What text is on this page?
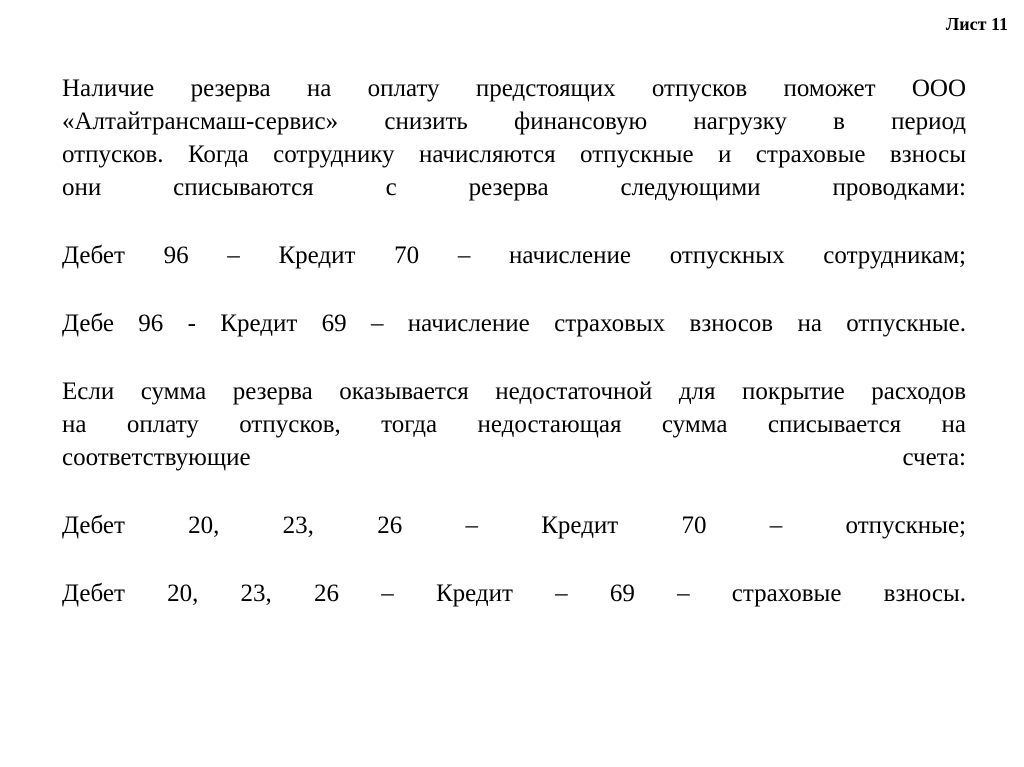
Лист 11

Наличие резерва на оплату предстоящих отпусков поможет ООО
«Алтайтрансмаш-сервис» снизить финансовую нагрузку в период
отпусков. Когда сотруднику начисляются отпускные и страховые взносы
они списываются с резерва следующими проводками:

Дебет 96 – Кредит 70 – начисление отпускных сотрудникам;

Дебе 96 - Кредит 69 – начисление страховых взносов на отпускные.

Если сумма резерва оказывается недостаточной для покрытие расходов
на оплату отпусков, тогда недостающая сумма списывается на
соответствующие счета:

Дебет 20, 23, 26 – Кредит 70 – отпускные;

Дебет 20, 23, 26 – Кредит – 69 – страховые взносы.
